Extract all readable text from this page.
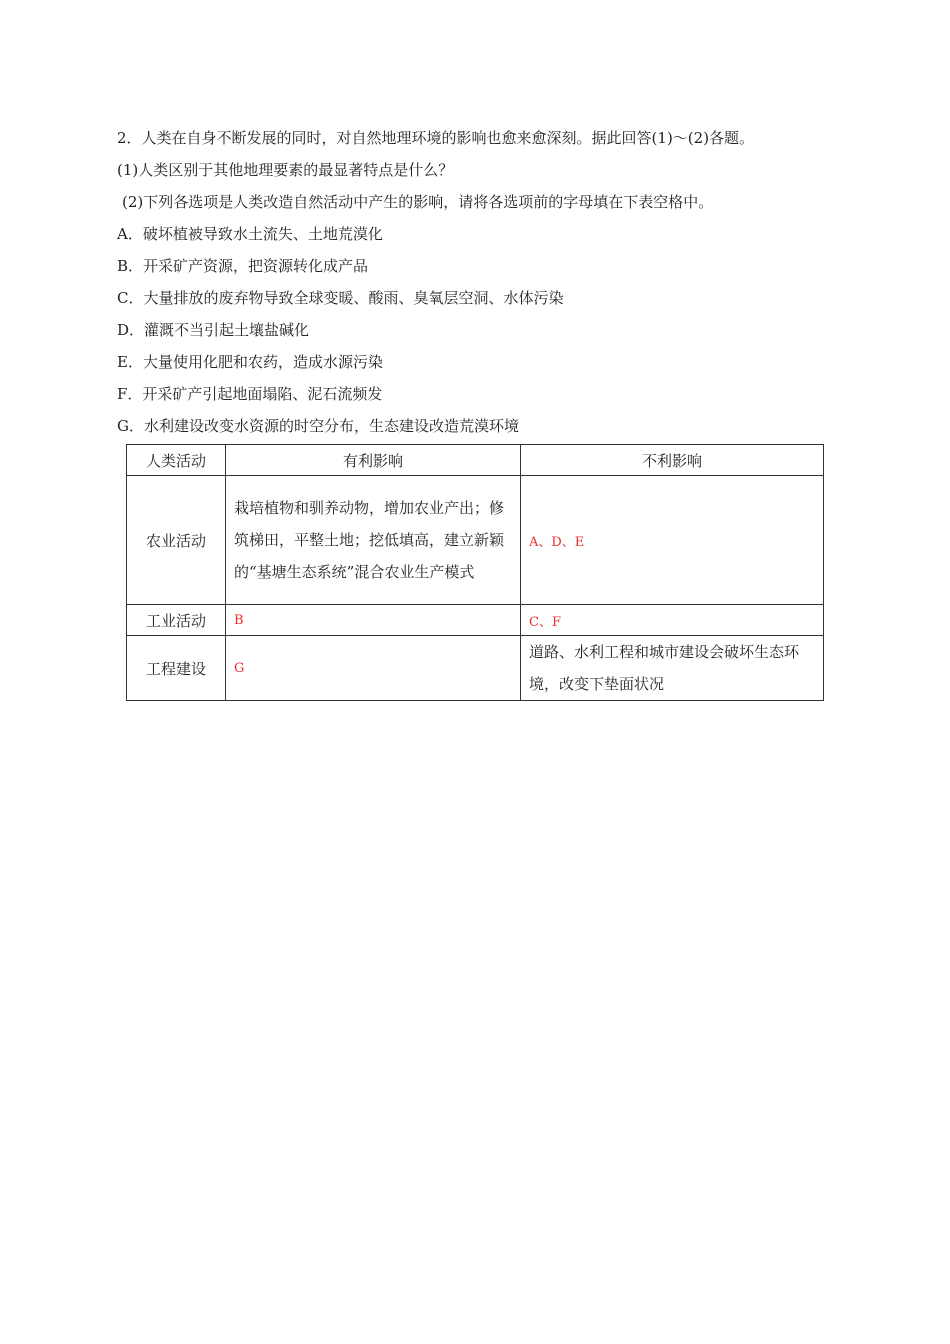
2．人类在自身不断发展的同时，对自然地理环境的影响也愈来愈深刻。据此回答(1)～(2)各题。
(1)人类区别于其他地理要素的最显著特点是什么？
(2)下列各选项是人类改造自然活动中产生的影响，请将各选项前的字母填在下表空格中。
A．破坏植被导致水土流失、土地荒漠化
B．开采矿产资源，把资源转化成产品
C．大量排放的废弃物导致全球变暖、酸雨、臭氧层空洞、水体污染
D．灌溉不当引起土壤盐碱化
E．大量使用化肥和农药，造成水源污染
F．开采矿产引起地面塌陷、泥石流频发
G．水利建设改变水资源的时空分布，生态建设改造荒漠环境
人类活动	有利影响	不利影响
农业活动	栽培植物和驯养动物，增加农业产出；修筑梯田，平整土地；挖低填高，建立新颖的“基塘生态系统”混合农业生产模式	A、D、E
工业活动	B	C、F
工程建设	G	道路、水利工程和城市建设会破坏生态环境，改变下垫面状况
